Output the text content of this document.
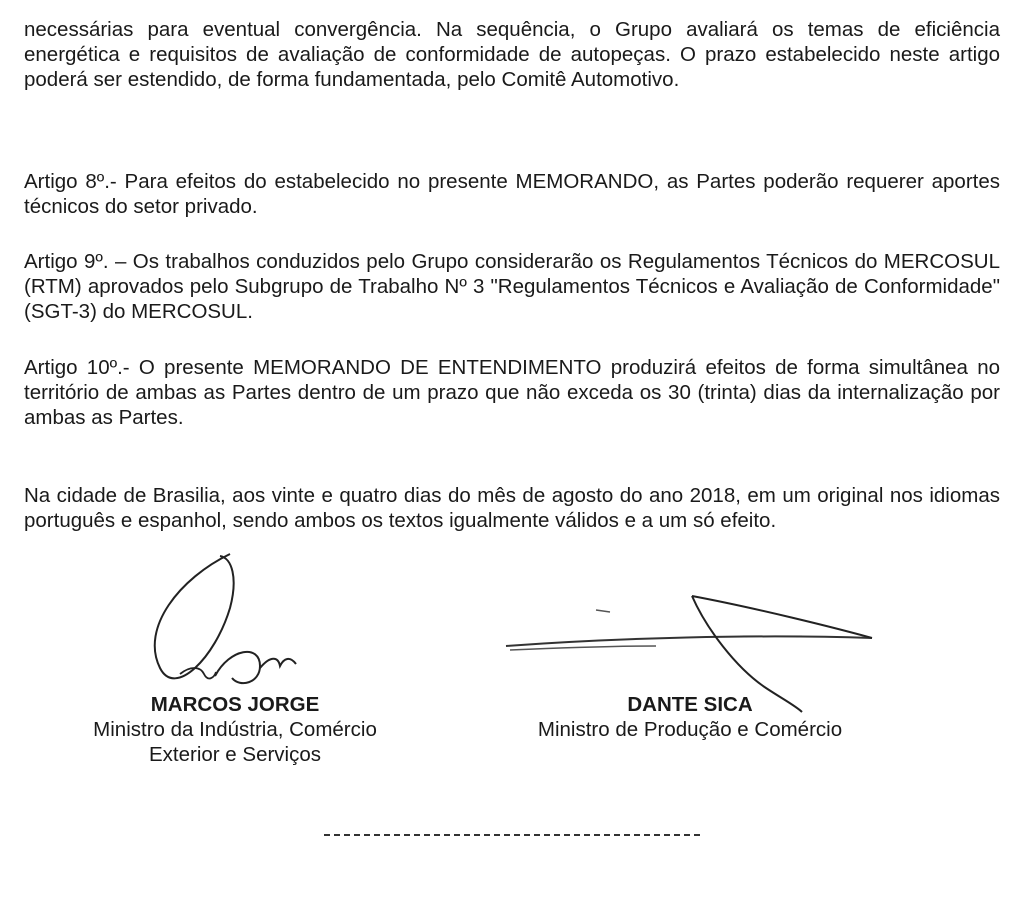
necessárias para eventual convergência. Na sequência, o Grupo avaliará os temas de eficiência energética e requisitos de avaliação de conformidade de autopeças. O prazo estabelecido neste artigo poderá ser estendido, de forma fundamentada, pelo Comitê Automotivo.

Artigo 8º.- Para efeitos do estabelecido no presente MEMORANDO, as Partes poderão requerer aportes técnicos do setor privado.

Artigo 9º. – Os trabalhos conduzidos pelo Grupo considerarão os Regulamentos Técnicos do MERCOSUL (RTM) aprovados pelo Subgrupo de Trabalho Nº 3 "Regulamentos Técnicos e Avaliação de Conformidade" (SGT-3) do MERCOSUL.

Artigo 10º.- O presente MEMORANDO DE ENTENDIMENTO produzirá efeitos de forma simultânea no território de ambas as Partes dentro de um prazo que não exceda os 30 (trinta) dias da internalização por ambas as Partes.

Na cidade de Brasilia, aos vinte e quatro dias do mês de agosto do ano 2018, em um original nos idiomas português e espanhol, sendo ambos os textos igualmente válidos e a um só efeito.

MARCOS JORGE
Ministro da Indústria, Comércio
Exterior e Serviços
DANTE SICA
Ministro de Produção e Comércio
